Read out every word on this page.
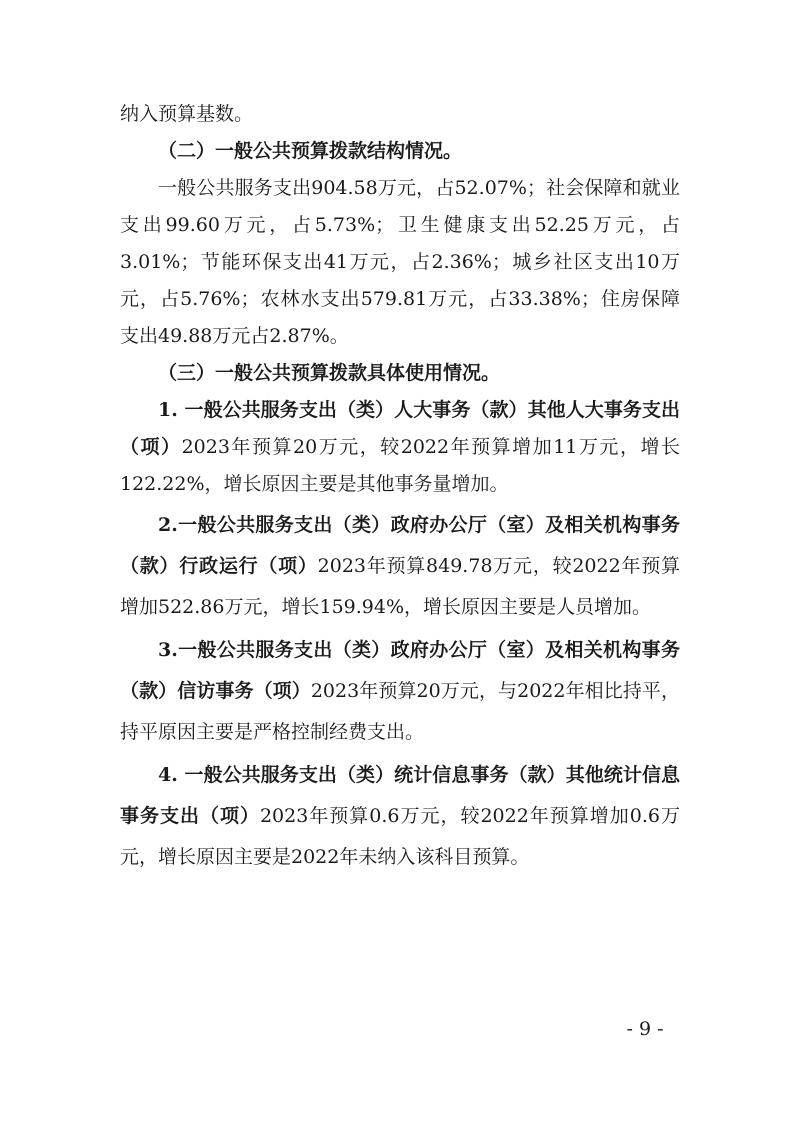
纳入预算基数。

（二）一般公共预算拨款结构情况。

一般公共服务支出904.58万元，占52.07%；社会保障和就业支出99.60万元，占5.73%；卫生健康支出52.25万元，占3.01%；节能环保支出41万元，占2.36%；城乡社区支出10万元，占5.76%；农林水支出579.81万元，占33.38%；住房保障支出49.88万元占2.87%。

（三）一般公共预算拨款具体使用情况。

1. 一般公共服务支出（类）人大事务（款）其他人大事务支出（项）2023年预算20万元，较2022年预算增加11万元，增长122.22%，增长原因主要是其他事务量增加。

2.一般公共服务支出（类）政府办公厅（室）及相关机构事务（款）行政运行（项）2023年预算849.78万元，较2022年预算增加522.86万元，增长159.94%，增长原因主要是人员增加。

3.一般公共服务支出（类）政府办公厅（室）及相关机构事务（款）信访事务（项）2023年预算20万元，与2022年相比持平，持平原因主要是严格控制经费支出。

4. 一般公共服务支出（类）统计信息事务（款）其他统计信息事务支出（项）2023年预算0.6万元，较2022年预算增加0.6万元，增长原因主要是2022年未纳入该科目预算。

- 9 -
